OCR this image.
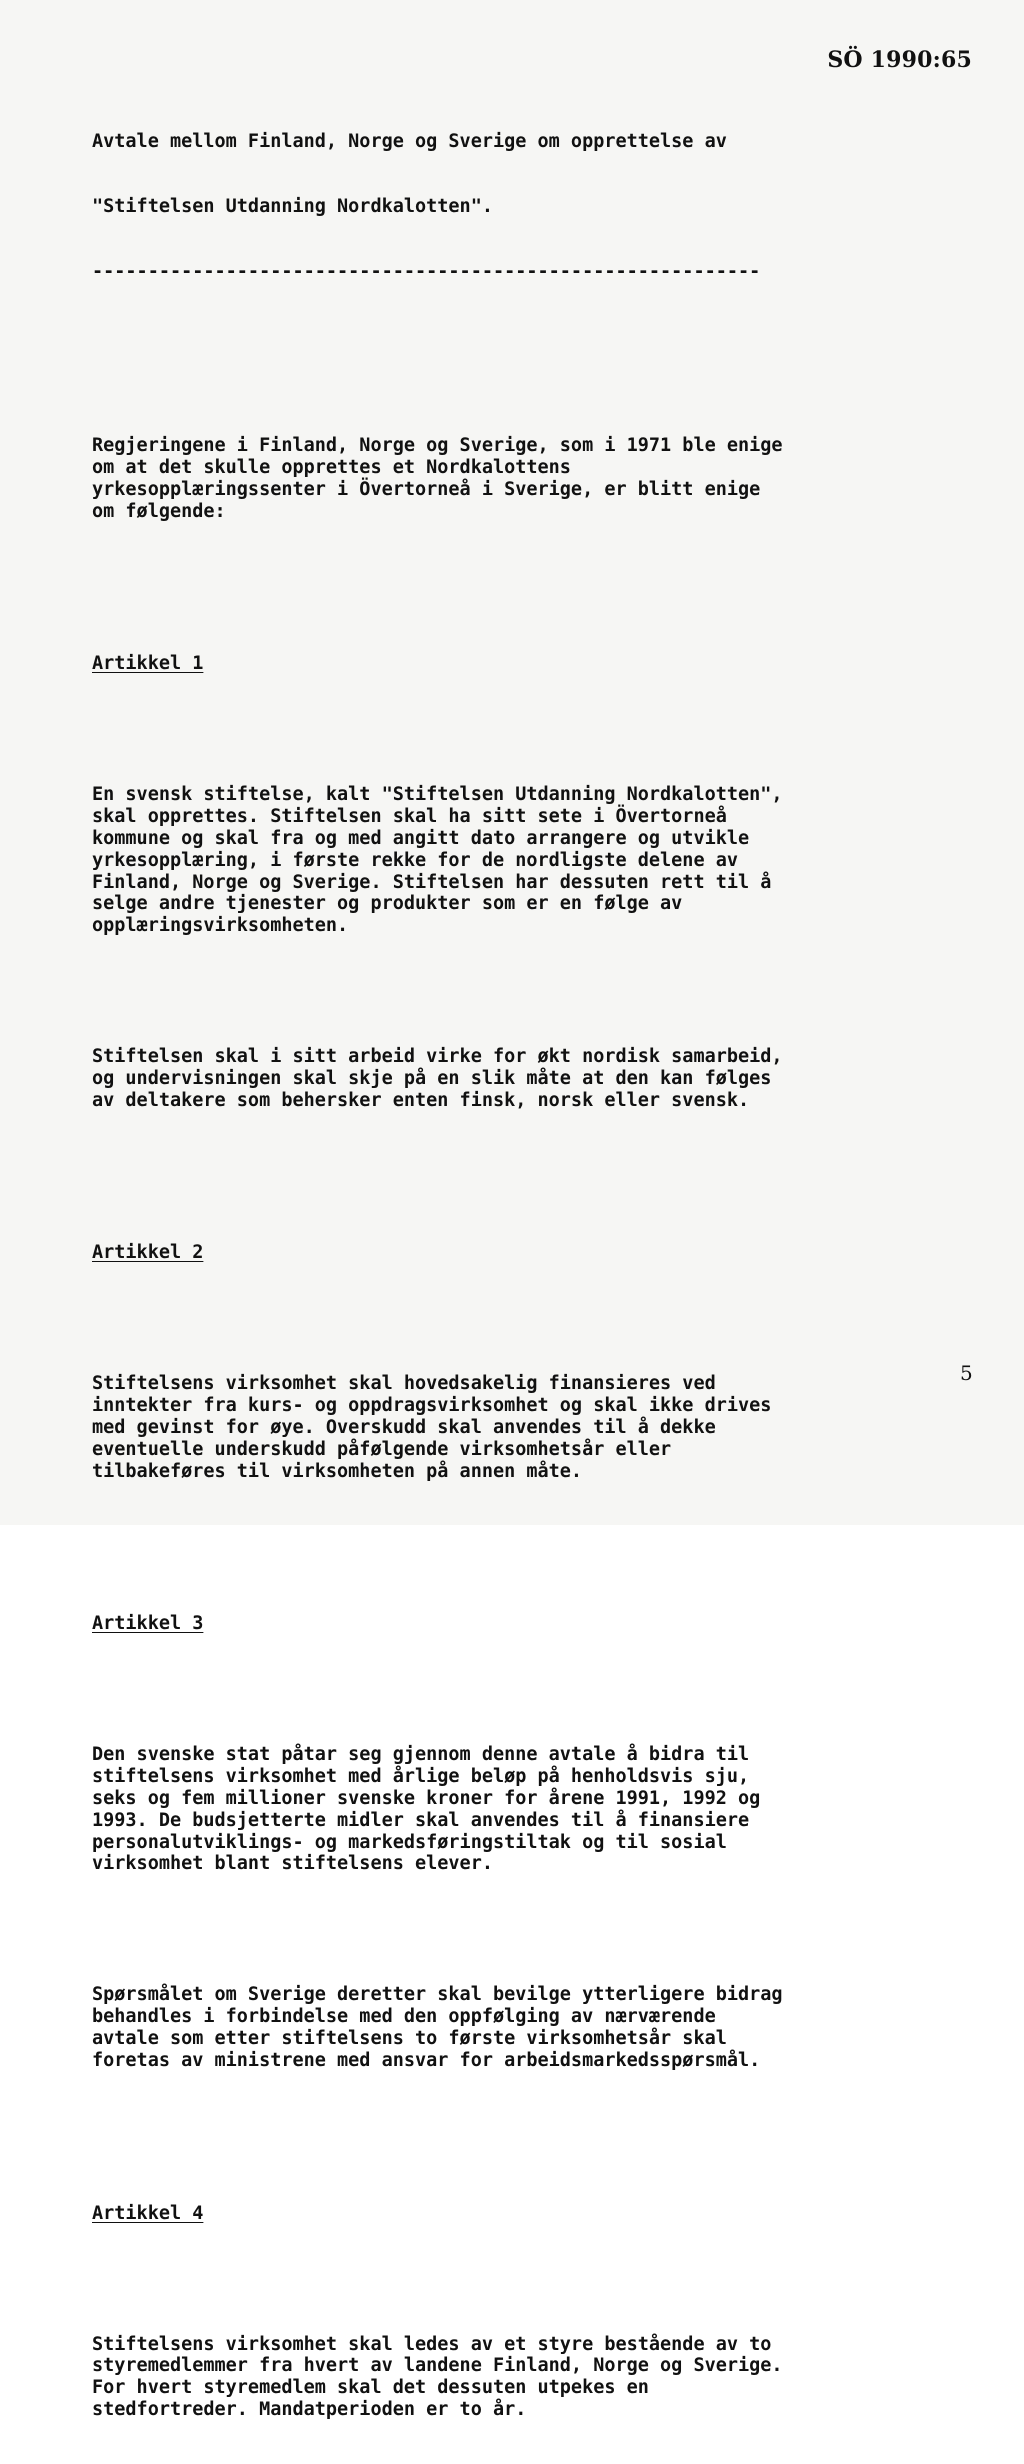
SÖ 1990:65

Avtale mellom Finland, Norge og Sverige om opprettelse av

"Stiftelsen Utdanning Nordkalotten".

------------------------------------------------------------

Regjeringene i Finland, Norge og Sverige, som i 1971 ble enige
om at det skulle opprettes et Nordkalottens
yrkesopplæringssenter i Övertorneå i Sverige, er blitt enige
om følgende:

Artikkel 1

En svensk stiftelse, kalt "Stiftelsen Utdanning Nordkalotten",
skal opprettes. Stiftelsen skal ha sitt sete i Övertorneå
kommune og skal fra og med angitt dato arrangere og utvikle
yrkesopplæring, i første rekke for de nordligste delene av
Finland, Norge og Sverige. Stiftelsen har dessuten rett til å
selge andre tjenester og produkter som er en følge av
opplæringsvirksomheten.

Stiftelsen skal i sitt arbeid virke for økt nordisk samarbeid,
og undervisningen skal skje på en slik måte at den kan følges
av deltakere som behersker enten finsk, norsk eller svensk.

Artikkel 2

Stiftelsens virksomhet skal hovedsakelig finansieres ved
inntekter fra kurs- og oppdragsvirksomhet og skal ikke drives
med gevinst for øye. Overskudd skal anvendes til å dekke
eventuelle underskudd påfølgende virksomhetsår eller
tilbakeføres til virksomheten på annen måte.

Artikkel 3

Den svenske stat påtar seg gjennom denne avtale å bidra til
stiftelsens virksomhet med årlige beløp på henholdsvis sju,
seks og fem millioner svenske kroner for årene 1991, 1992 og
1993. De budsjetterte midler skal anvendes til å finansiere
personalutviklings- og markedsføringstiltak og til sosial
virksomhet blant stiftelsens elever.

Spørsmålet om Sverige deretter skal bevilge ytterligere bidrag
behandles i forbindelse med den oppfølging av nærværende
avtale som etter stiftelsens to første virksomhetsår skal
foretas av ministrene med ansvar for arbeidsmarkedsspørsmål.

Artikkel 4

Stiftelsens virksomhet skal ledes av et styre bestående av to
styremedlemmer fra hvert av landene Finland, Norge og Sverige.
For hvert styremedlem skal det dessuten utpekes en
stedfortreder. Mandatperioden er to år.

5
